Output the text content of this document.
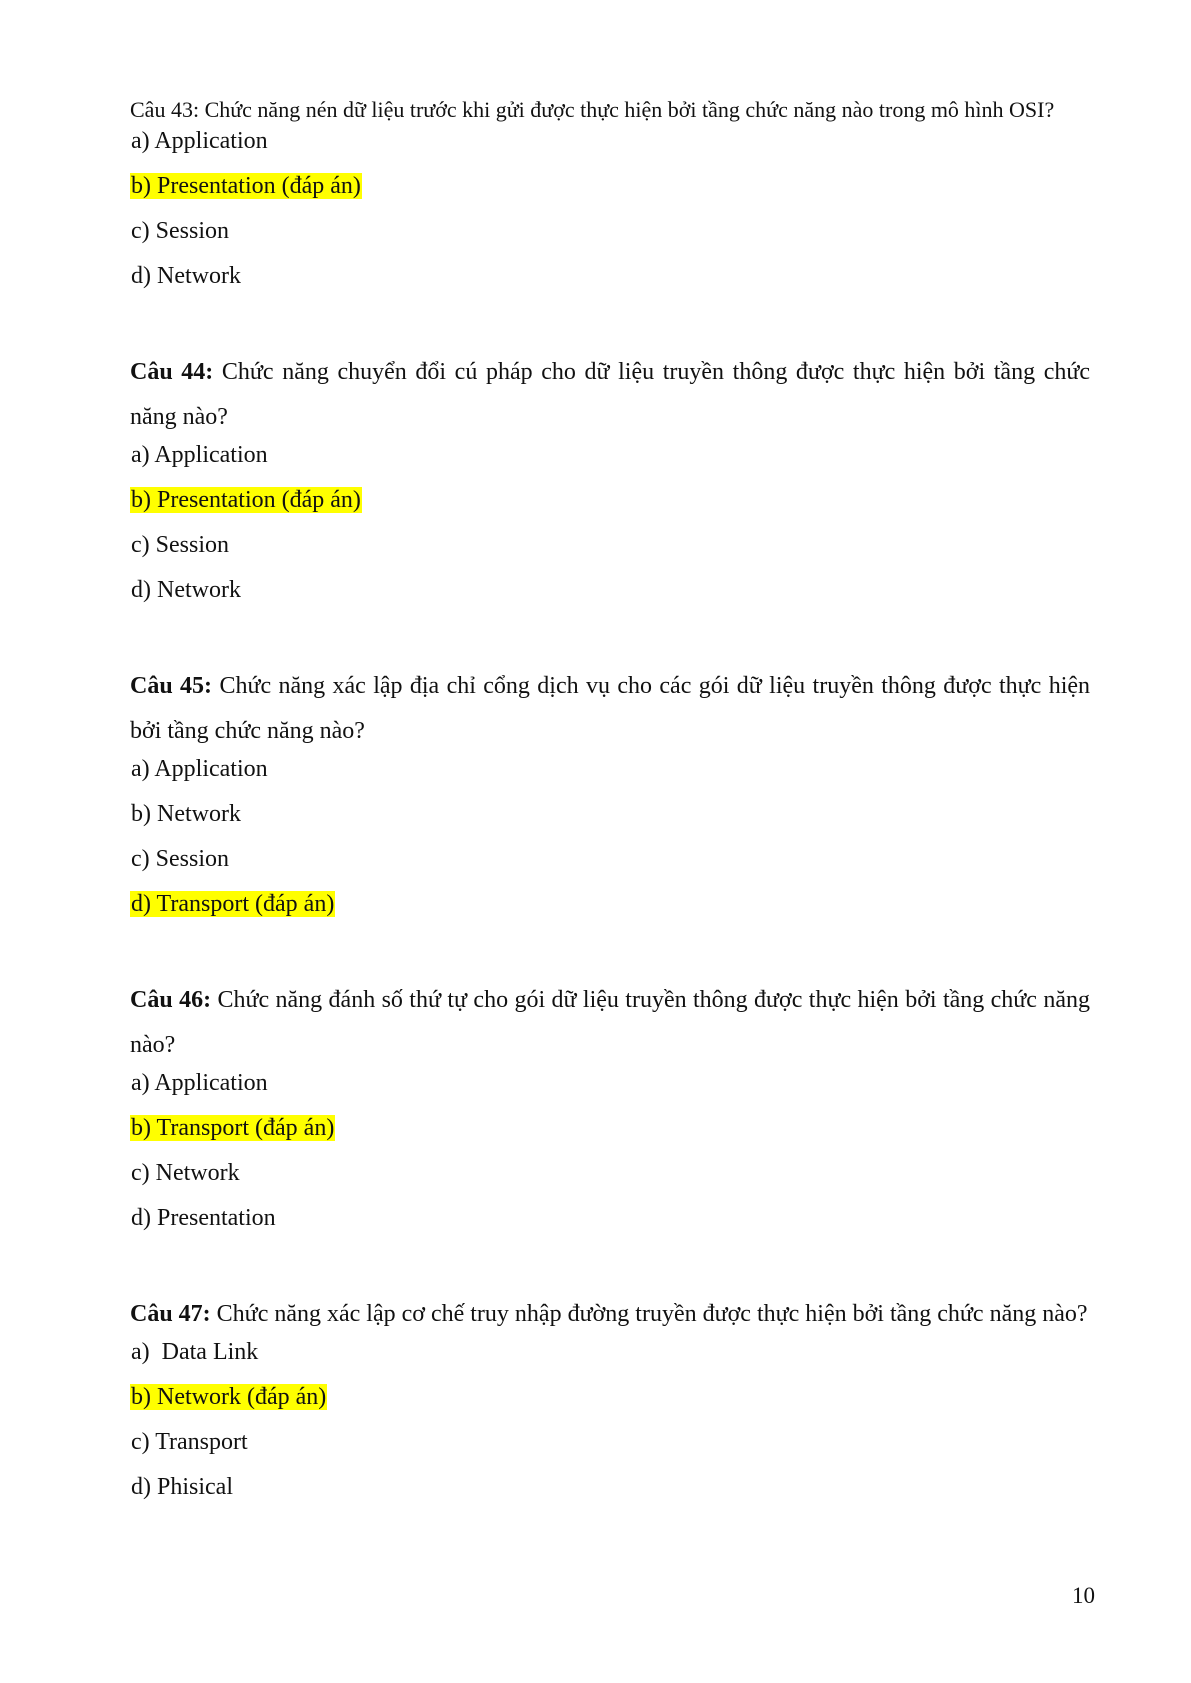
Câu 43: Chức năng nén dữ liệu trước khi gửi được thực hiện bởi tầng chức năng nào trong mô hình OSI?

a) Application
b) Presentation (đáp án)
c) Session
d) Network

Câu 44: Chức năng chuyển đổi cú pháp cho dữ liệu truyền thông được thực hiện bởi tầng chức năng nào?

a) Application
b) Presentation (đáp án)
c) Session
d) Network

Câu 45: Chức năng xác lập địa chỉ cổng dịch vụ cho các gói dữ liệu truyền thông được thực hiện bởi tầng chức năng nào?

a) Application
b) Network
c) Session
d) Transport (đáp án)

Câu 46: Chức năng đánh số thứ tự cho gói dữ liệu truyền thông được thực hiện bởi tầng chức năng nào?

a) Application
b) Transport (đáp án)
c) Network
d) Presentation

Câu 47: Chức năng xác lập cơ chế truy nhập đường truyền được thực hiện bởi tầng chức năng nào?

a)  Data Link
b) Network (đáp án)
c) Transport
d) Phisical
10
